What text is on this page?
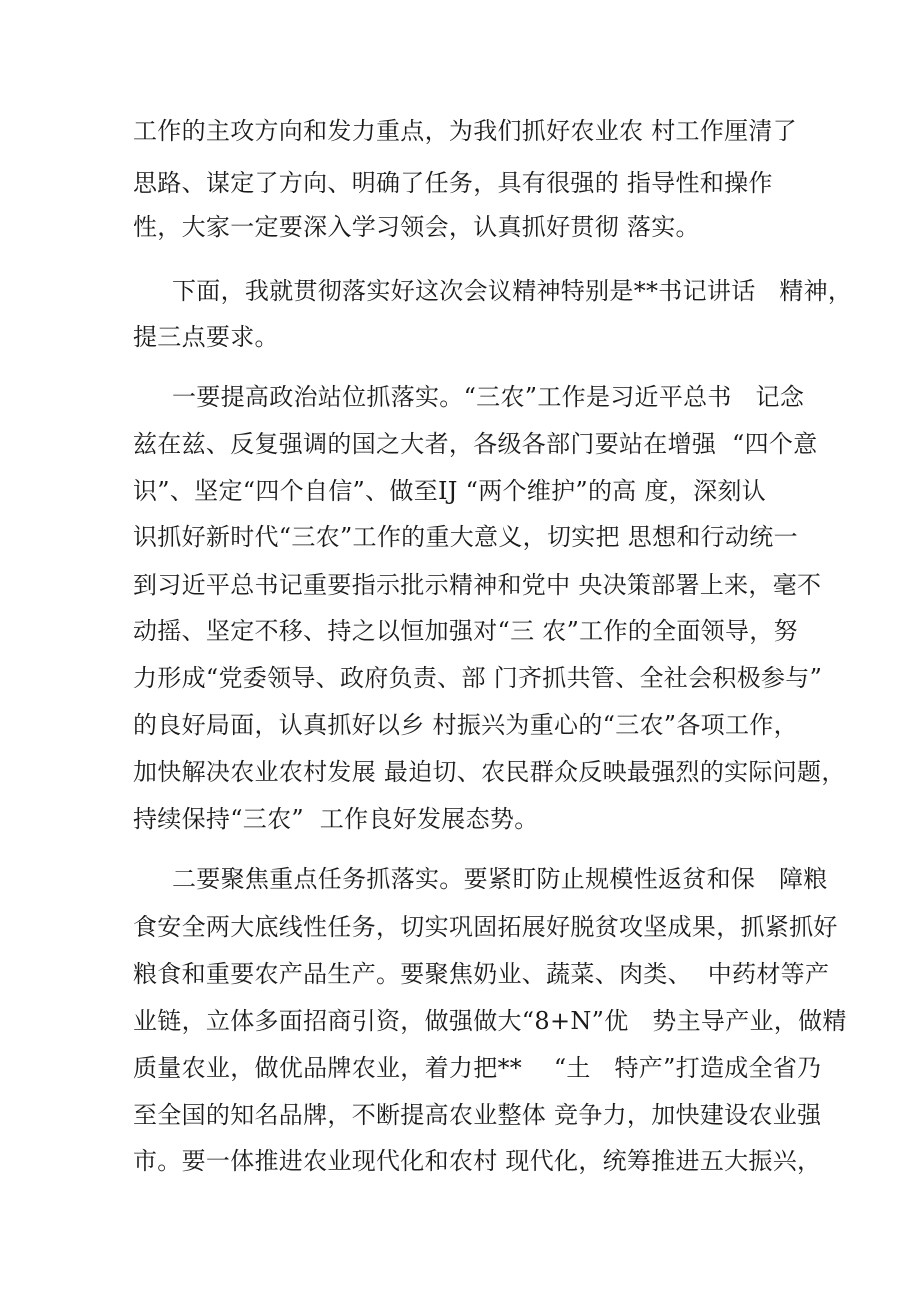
工作的主攻方向和发力重点，为我们抓好农业农 村工作厘清了
思路、谋定了方向、明确了任务，具有很强的 指导性和操作
性，大家一定要深入学习领会，认真抓好贯彻 落实。
下面，我就贯彻落实好这次会议精神特别是**书记讲话   精神，
提三点要求。
一要提高政治站位抓落实。“三农”工作是习近平总书   记念
兹在兹、反复强调的国之大者，各级各部门要站在增强  “四个意
识”、坚定“四个自信”、做至IJ “两个维护”的高 度，深刻认
识抓好新时代“三农”工作的重大意义，切实把 思想和行动统一
到习近平总书记重要指示批示精神和党中 央决策部署上来，毫不
动摇、坚定不移、持之以恒加强对“三 农”工作的全面领导，努
力形成“党委领导、政府负责、部 门齐抓共管、全社会积极参与”
的良好局面，认真抓好以乡 村振兴为重心的“三农”各项工作，
加快解决农业农村发展 最迫切、农民群众反映最强烈的实际问题，
持续保持“三农”  工作良好发展态势。
二要聚焦重点任务抓落实。要紧盯防止规模性返贫和保   障粮
食安全两大底线性任务，切实巩固拓展好脱贫攻坚成果，抓紧抓好
粮食和重要农产品生产。要聚焦奶业、蔬菜、肉类、  中药材等产
业链，立体多面招商引资，做强做大“8+N”优   势主导产业，做精
质量农业，做优品牌农业，着力把**    “土   特产”打造成全省乃
至全国的知名品牌，不断提高农业整体 竞争力，加快建设农业强
市。要一体推进农业现代化和农村 现代化，统筹推进五大振兴，
